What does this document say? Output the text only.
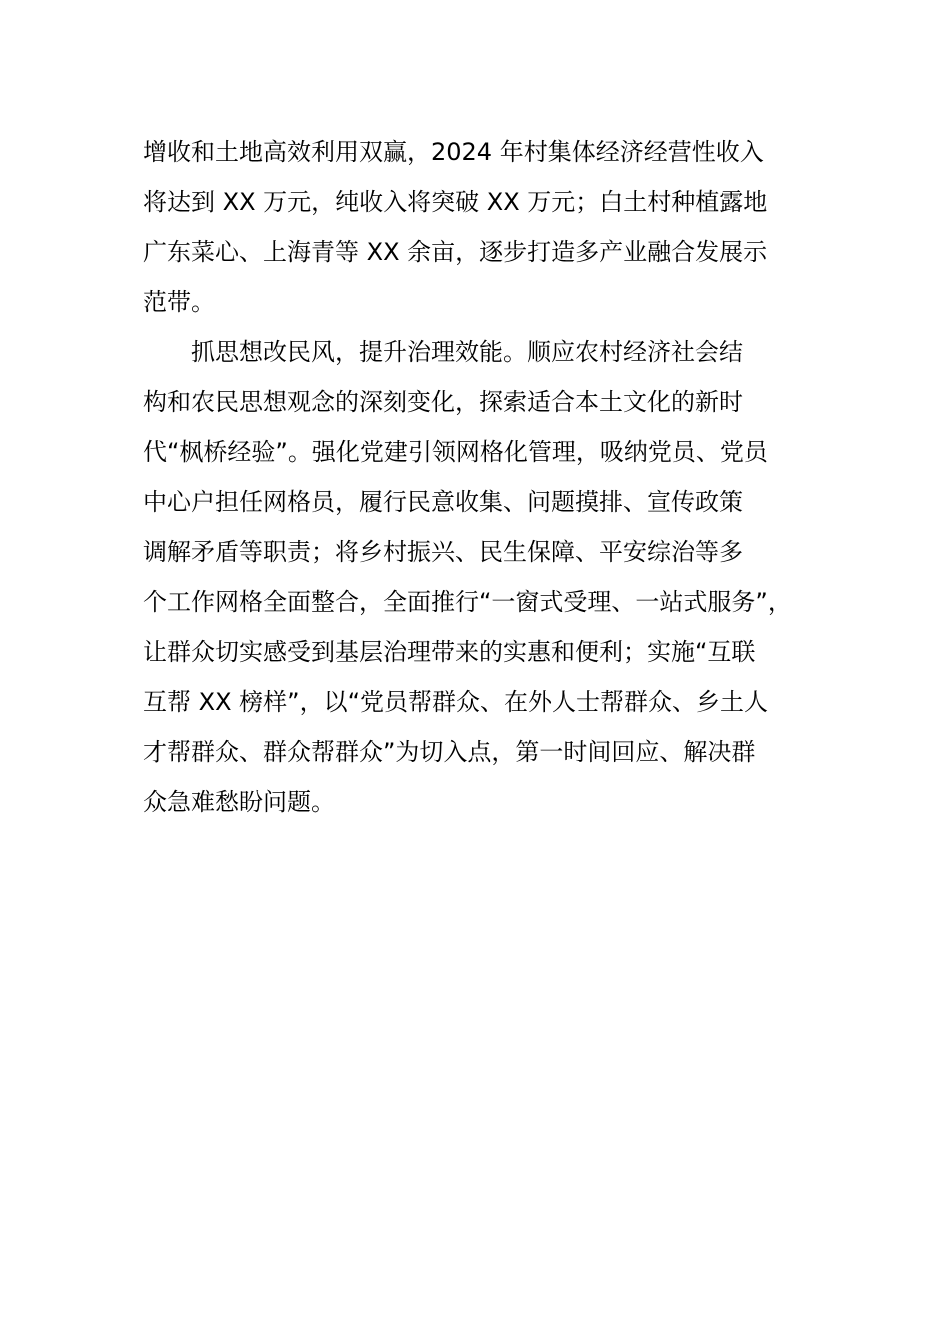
增收和土地高效利用双赢，2024 年村集体经济经营性收入
将达到 XX 万元，纯收入将突破 XX 万元；白土村种植露地
广东菜心、上海青等 XX 余亩，逐步打造多产业融合发展示
范带。
　　抓思想改民风，提升治理效能。顺应农村经济社会结
构和农民思想观念的深刻变化，探索适合本土文化的新时
代“枫桥经验”。强化党建引领网格化管理，吸纳党员、党员
中心户担任网格员，履行民意收集、问题摸排、宣传政策
调解矛盾等职责；将乡村振兴、民生保障、平安综治等多
个工作网格全面整合，全面推行“一窗式受理、一站式服务”，
让群众切实感受到基层治理带来的实惠和便利；实施“互联
互帮 XX 榜样”，以“党员帮群众、在外人士帮群众、乡土人
才帮群众、群众帮群众”为切入点，第一时间回应、解决群
众急难愁盼问题。
